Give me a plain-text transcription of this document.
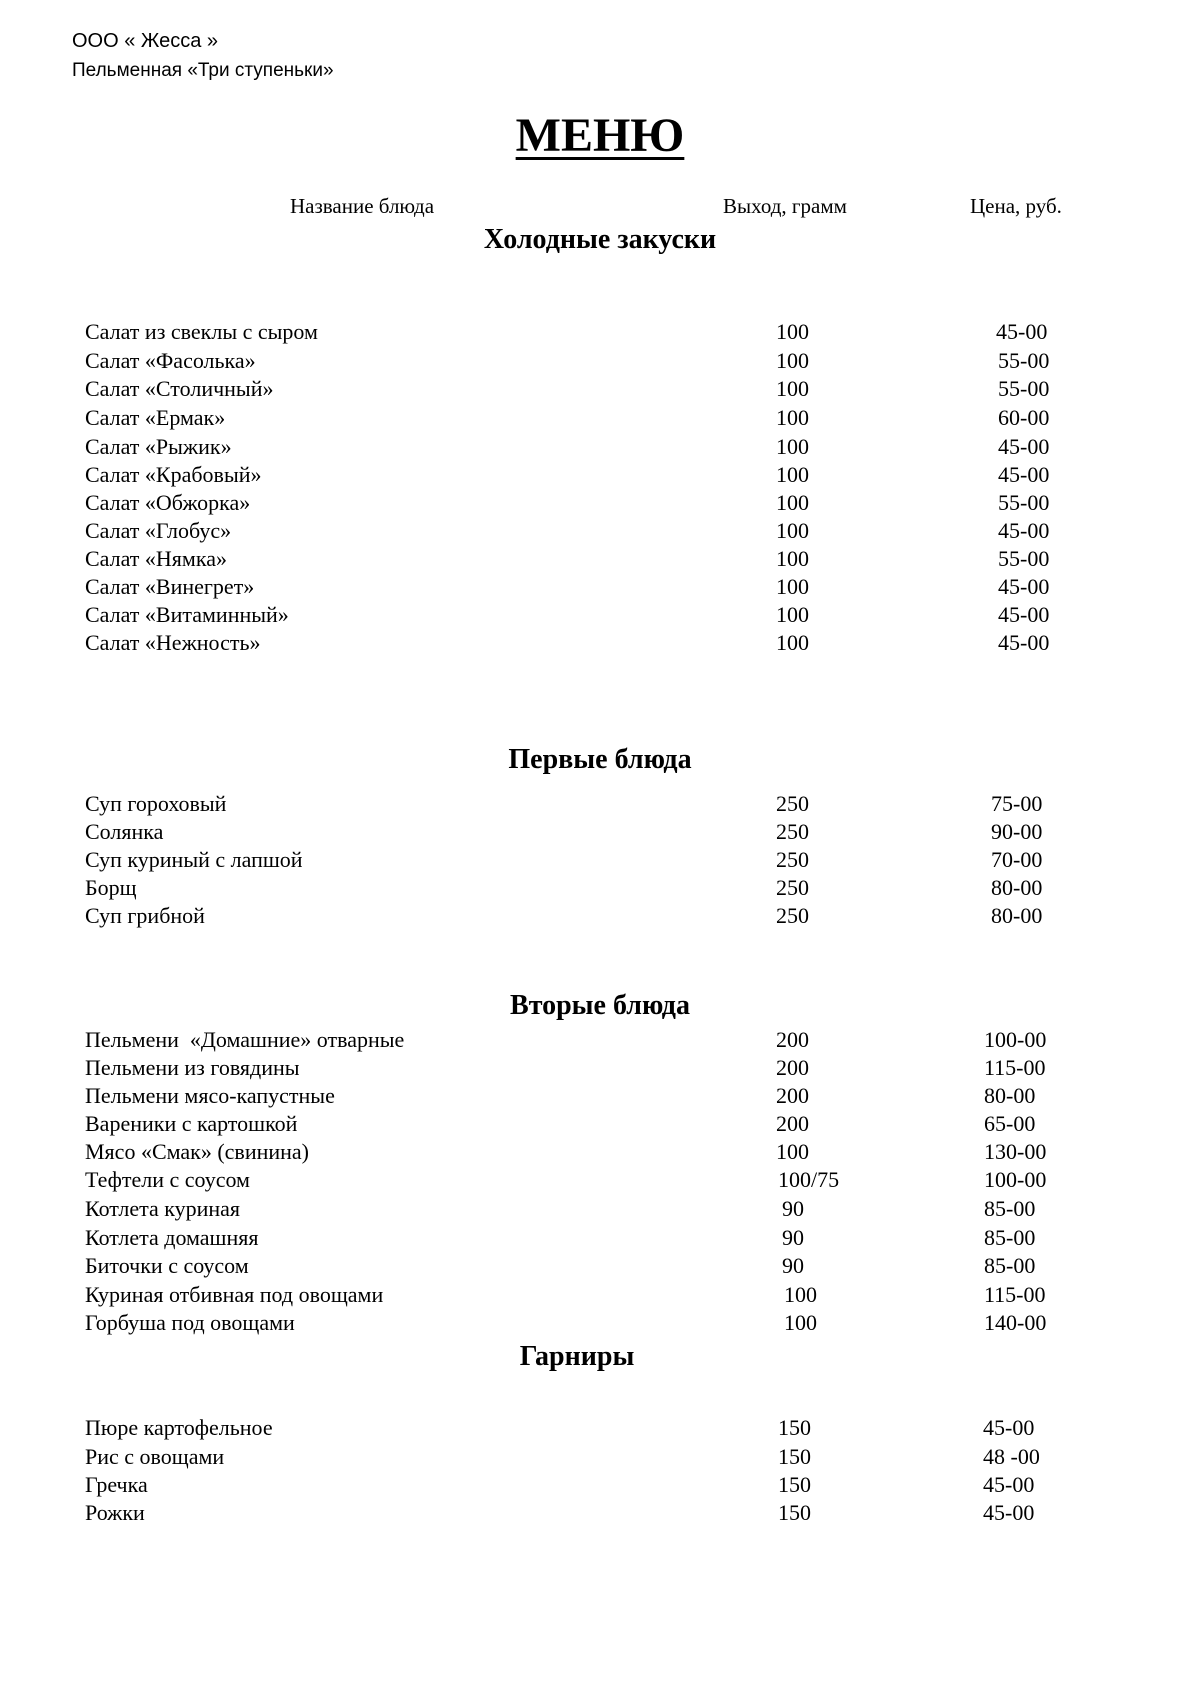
ООО « Жесса »
Пельменная «Три ступеньки»
МЕНЮ
Название блюда	Выход, грамм	Цена, руб.
Холодные закуски
Салат из свеклы с сыром	100	45-00
Салат «Фасолька»	100	55-00
Салат «Столичный»	100	55-00
Салат «Ермак»	100	60-00
Салат «Рыжик»	100	45-00
Салат «Крабовый»	100	45-00
Салат «Обжорка»	100	55-00
Салат «Глобус»	100	45-00
Салат «Нямка»	100	55-00
Салат «Винегрет»	100	45-00
Салат «Витаминный»	100	45-00
Салат «Нежность»	100	45-00
Первые блюда
Суп гороховый	250	75-00
Солянка	250	90-00
Суп куриный с лапшой	250	70-00
Борщ	250	80-00
Суп грибной	250	80-00
Вторые блюда
Пельмени  «Домашние» отварные	200	100-00
Пельмени из говядины	200	115-00
Пельмени мясо-капустные	200	80-00
Вареники с картошкой	200	65-00
Мясо «Смак» (свинина)	100	130-00
Тефтели с соусом	100/75	100-00
Котлета куриная	90	85-00
Котлета домашняя	90	85-00
Биточки с соусом	90	85-00
Куриная отбивная под овощами	100	115-00
Горбуша под овощами	100	140-00
Гарниры
Пюре картофельное	150	45-00
Рис с овощами	150	48 -00
Гречка	150	45-00
Рожки	150	45-00
